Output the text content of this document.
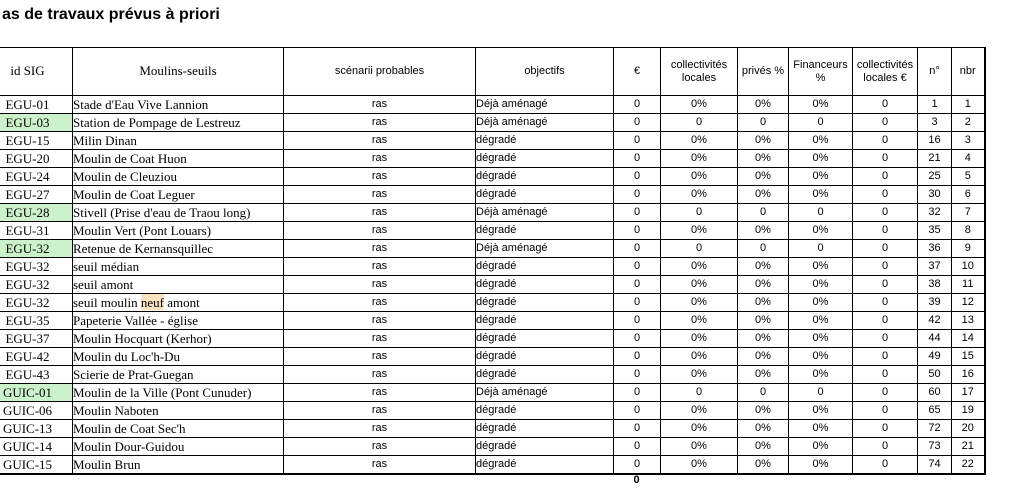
as de travaux prévus à priori
id SIG	Moulins-seuils	scénarii probables	objectifs	€	collectivités locales	privés %	Financeurs %	collectivités locales €	n°	nbr
EGU-01	Stade d'Eau Vive Lannion	ras	Déjà aménagé	0	0%	0%	0%	0	1	1
EGU-03	Station de Pompage de Lestreuz	ras	Déjà aménagé	0	0	0	0	0	3	2
EGU-15	Milin Dinan	ras	dégradé	0	0%	0%	0%	0	16	3
EGU-20	Moulin de Coat Huon	ras	dégradé	0	0%	0%	0%	0	21	4
EGU-24	Moulin de Cleuziou	ras	dégradé	0	0%	0%	0%	0	25	5
EGU-27	Moulin de Coat Leguer	ras	dégradé	0	0%	0%	0%	0	30	6
EGU-28	Stivell (Prise d'eau de Traou long)	ras	Déjà aménagé	0	0	0	0	0	32	7
EGU-31	Moulin Vert (Pont Louars)	ras	dégradé	0	0%	0%	0%	0	35	8
EGU-32	Retenue de Kernansquillec	ras	Déjà aménagé	0	0	0	0	0	36	9
EGU-32	seuil médian	ras	dégradé	0	0%	0%	0%	0	37	10
EGU-32	seuil amont	ras	dégradé	0	0%	0%	0%	0	38	11
EGU-32	seuil moulin neuf amont	ras	dégradé	0	0%	0%	0%	0	39	12
EGU-35	Papeterie Vallée - église	ras	dégradé	0	0%	0%	0%	0	42	13
EGU-37	Moulin Hocquart (Kerhor)	ras	dégradé	0	0%	0%	0%	0	44	14
EGU-42	Moulin du Loc'h-Du	ras	dégradé	0	0%	0%	0%	0	49	15
EGU-43	Scierie de Prat-Guegan	ras	dégradé	0	0%	0%	0%	0	50	16
GUIC-01	Moulin de la Ville (Pont Cunuder)	ras	Déjà aménagé	0	0	0	0	0	60	17
GUIC-06	Moulin Naboten	ras	dégradé	0	0%	0%	0%	0	65	19
GUIC-13	Moulin de Coat Sec'h	ras	dégradé	0	0%	0%	0%	0	72	20
GUIC-14	Moulin Dour-Guidou	ras	dégradé	0	0%	0%	0%	0	73	21
GUIC-15	Moulin Brun	ras	dégradé	0	0%	0%	0%	0	74	22
0
